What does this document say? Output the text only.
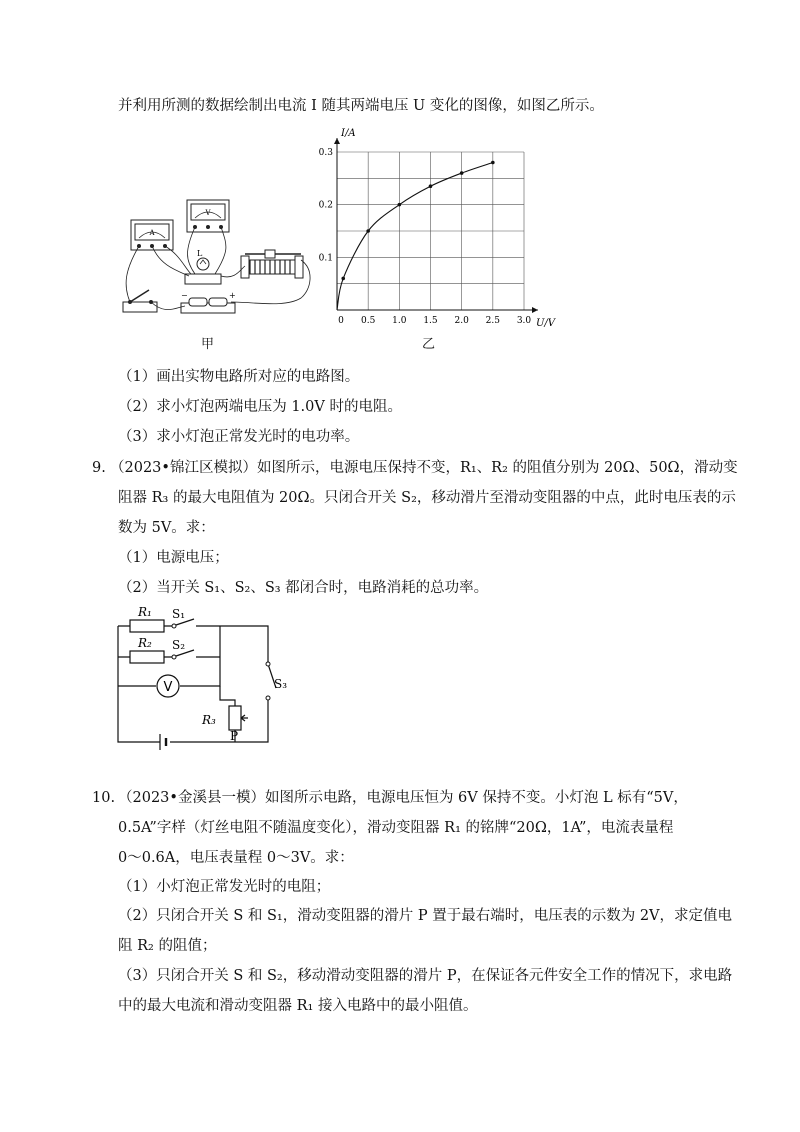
并利用所测的数据绘制出电流 I 随其两端电压 U 变化的图像，如图乙所示。
A
V
L
−	+
甲
0 0.5 1.0 1.5 2.0 2.5 3.0
0.1
0.2
0.3
U/V
I/A
乙
（1）画出实物电路所对应的电路图。
（2）求小灯泡两端电压为 1.0V 时的电阻。
（3）求小灯泡正常发光时的电功率。
9. （2023•锦江区模拟）如图所示，电源电压保持不变，R₁、R₂ 的阻值分别为 20Ω、50Ω，滑动变
阻器 R₃ 的最大电阻值为 20Ω。只闭合开关 S₂，移动滑片至滑动变阻器的中点，此时电压表的示
数为 5V。求：
（1）电源电压；
（2）当开关 S₁、S₂、S₃ 都闭合时，电路消耗的总功率。
V
R₁
R₂
S₁
S₂
S₃
R₃
P
10. （2023•金溪县一模）如图所示电路，电源电压恒为 6V 保持不变。小灯泡 L 标有“5V，
0.5A”字样（灯丝电阻不随温度变化），滑动变阻器 R₁ 的铭牌“20Ω，1A”，电流表量程
0～0.6A，电压表量程 0～3V。求：
（1）小灯泡正常发光时的电阻；
（2）只闭合开关 S 和 S₁，滑动变阻器的滑片 P 置于最右端时，电压表的示数为 2V，求定值电
阻 R₂ 的阻值；
（3）只闭合开关 S 和 S₂，移动滑动变阻器的滑片 P，在保证各元件安全工作的情况下，求电路
中的最大电流和滑动变阻器 R₁ 接入电路中的最小阻值。
